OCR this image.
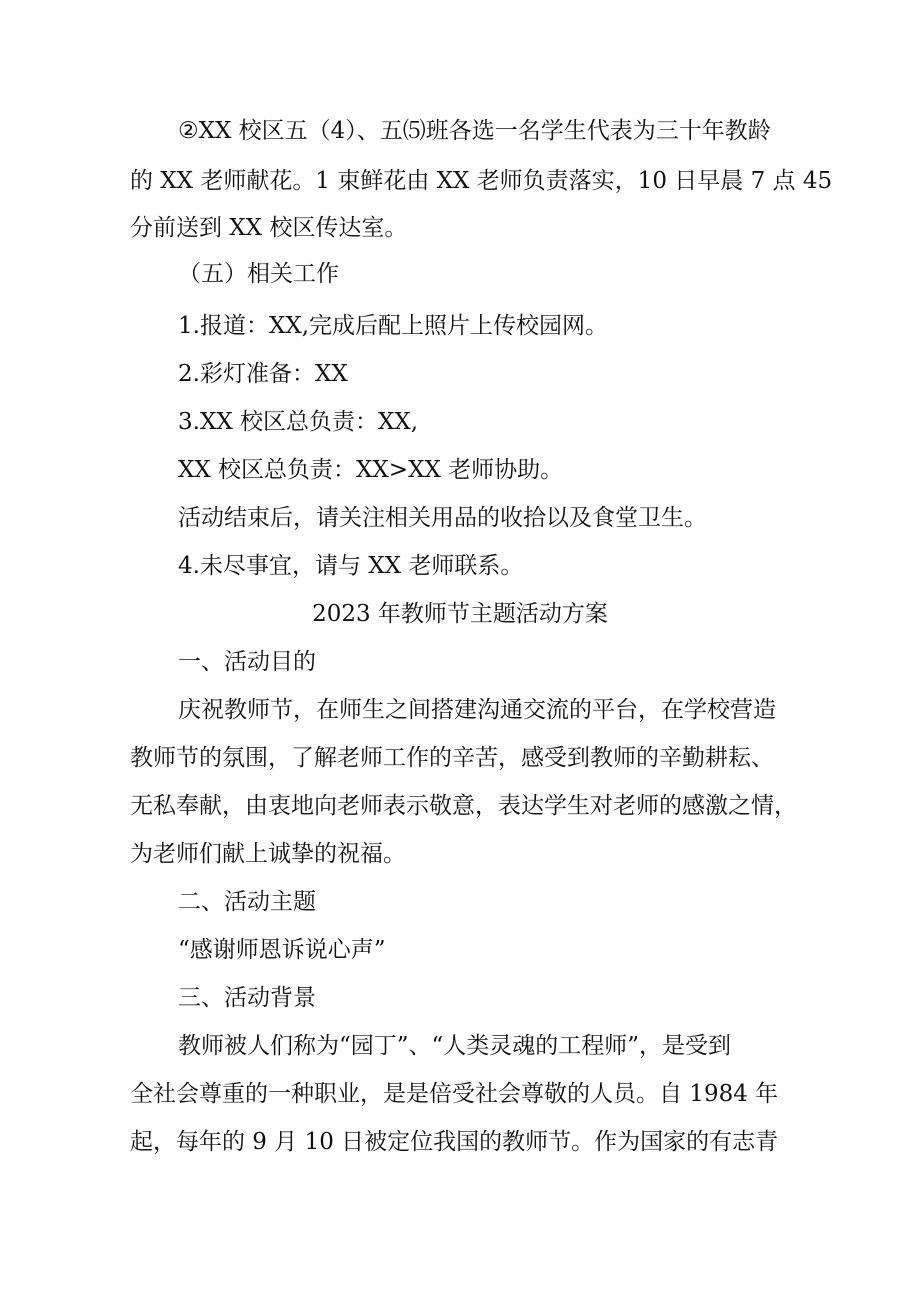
②XX 校区五（4）、五⑸班各选一名学生代表为三十年教龄
的 XX 老师献花。1 束鲜花由 XX 老师负责落实，10 日早晨 7 点 45
分前送到 XX 校区传达室。
（五）相关工作
1.报道：XX,完成后配上照片上传校园网。
2.彩灯准备：XX
3.XX 校区总负责：XX,
XX 校区总负责：XX>XX 老师协助。
活动结束后，请关注相关用品的收拾以及食堂卫生。
4.未尽事宜，请与 XX 老师联系。
2023 年教师节主题活动方案
一、活动目的
庆祝教师节，在师生之间搭建沟通交流的平台，在学校营造
教师节的氛围，了解老师工作的辛苦，感受到教师的辛勤耕耘、
无私奉献，由衷地向老师表示敬意，表达学生对老师的感激之情，
为老师们献上诚挚的祝福。
二、活动主题
“感谢师恩诉说心声”
三、活动背景
教师被人们称为“园丁”、“人类灵魂的工程师”，是受到
全社会尊重的一种职业，是是倍受社会尊敬的人员。自 1984 年
起，每年的 9 月 10 日被定位我国的教师节。作为国家的有志青
